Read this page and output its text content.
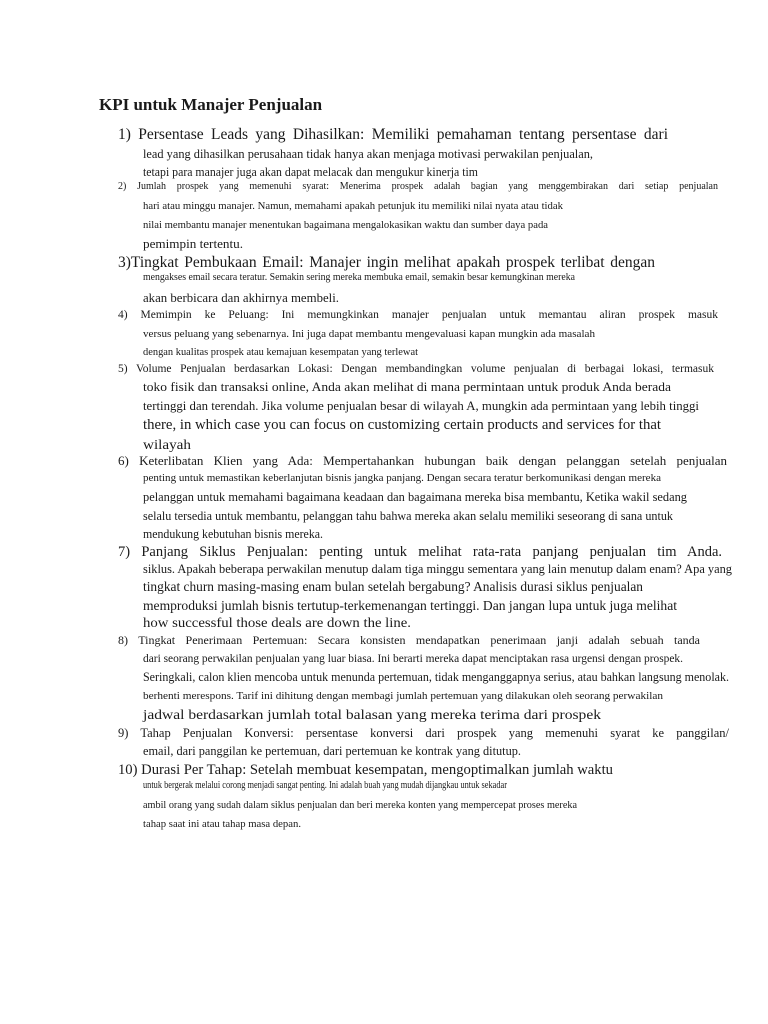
KPI untuk Manajer Penjualan
1) Persentase Leads yang Dihasilkan: Memiliki pemahaman tentang persentase dari
lead yang dihasilkan perusahaan tidak hanya akan menjaga motivasi perwakilan penjualan,
tetapi para manajer juga akan dapat melacak dan mengukur kinerja tim
2) Jumlah prospek yang memenuhi syarat: Menerima prospek adalah bagian yang menggembirakan dari setiap penjualan
hari atau minggu manajer. Namun, memahami apakah petunjuk itu memiliki nilai nyata atau tidak
nilai membantu manajer menentukan bagaimana mengalokasikan waktu dan sumber daya pada
pemimpin tertentu.
3)Tingkat Pembukaan Email: Manajer ingin melihat apakah prospek terlibat dengan
mengakses email secara teratur. Semakin sering mereka membuka email, semakin besar kemungkinan mereka
akan berbicara dan akhirnya membeli.
4) Memimpin ke Peluang: Ini memungkinkan manajer penjualan untuk memantau aliran prospek masuk
versus peluang yang sebenarnya. Ini juga dapat membantu mengevaluasi kapan mungkin ada masalah
dengan kualitas prospek atau kemajuan kesempatan yang terlewat
5) Volume Penjualan berdasarkan Lokasi: Dengan membandingkan volume penjualan di berbagai lokasi, termasuk
toko fisik dan transaksi online, Anda akan melihat di mana permintaan untuk produk Anda berada
tertinggi dan terendah. Jika volume penjualan besar di wilayah A, mungkin ada permintaan yang lebih tinggi
there, in which case you can focus on customizing certain products and services for that
wilayah
6) Keterlibatan Klien yang Ada: Mempertahankan hubungan baik dengan pelanggan setelah penjualan
penting untuk memastikan keberlanjutan bisnis jangka panjang. Dengan secara teratur berkomunikasi dengan mereka
pelanggan untuk memahami bagaimana keadaan dan bagaimana mereka bisa membantu, Ketika wakil sedang
selalu tersedia untuk membantu, pelanggan tahu bahwa mereka akan selalu memiliki seseorang di sana untuk
mendukung kebutuhan bisnis mereka.
7) Panjang Siklus Penjualan: penting untuk melihat rata-rata panjang penjualan tim Anda.
siklus. Apakah beberapa perwakilan menutup dalam tiga minggu sementara yang lain menutup dalam enam? Apa yang
tingkat churn masing-masing enam bulan setelah bergabung? Analisis durasi siklus penjualan
memproduksi jumlah bisnis tertutup-terkemenangan tertinggi. Dan jangan lupa untuk juga melihat
how successful those deals are down the line.
8) Tingkat Penerimaan Pertemuan: Secara konsisten mendapatkan penerimaan janji adalah sebuah tanda
dari seorang perwakilan penjualan yang luar biasa. Ini berarti mereka dapat menciptakan rasa urgensi dengan prospek.
Seringkali, calon klien mencoba untuk menunda pertemuan, tidak menganggapnya serius, atau bahkan langsung menolak.
berhenti merespons. Tarif ini dihitung dengan membagi jumlah pertemuan yang dilakukan oleh seorang perwakilan
jadwal berdasarkan jumlah total balasan yang mereka terima dari prospek
9) Tahap Penjualan Konversi: persentase konversi dari prospek yang memenuhi syarat ke panggilan/
email, dari panggilan ke pertemuan, dari pertemuan ke kontrak yang ditutup.
10) Durasi Per Tahap: Setelah membuat kesempatan, mengoptimalkan jumlah waktu
untuk bergerak melalui corong menjadi sangat penting. Ini adalah buah yang mudah dijangkau untuk sekadar
ambil orang yang sudah dalam siklus penjualan dan beri mereka konten yang mempercepat proses mereka
tahap saat ini atau tahap masa depan.
